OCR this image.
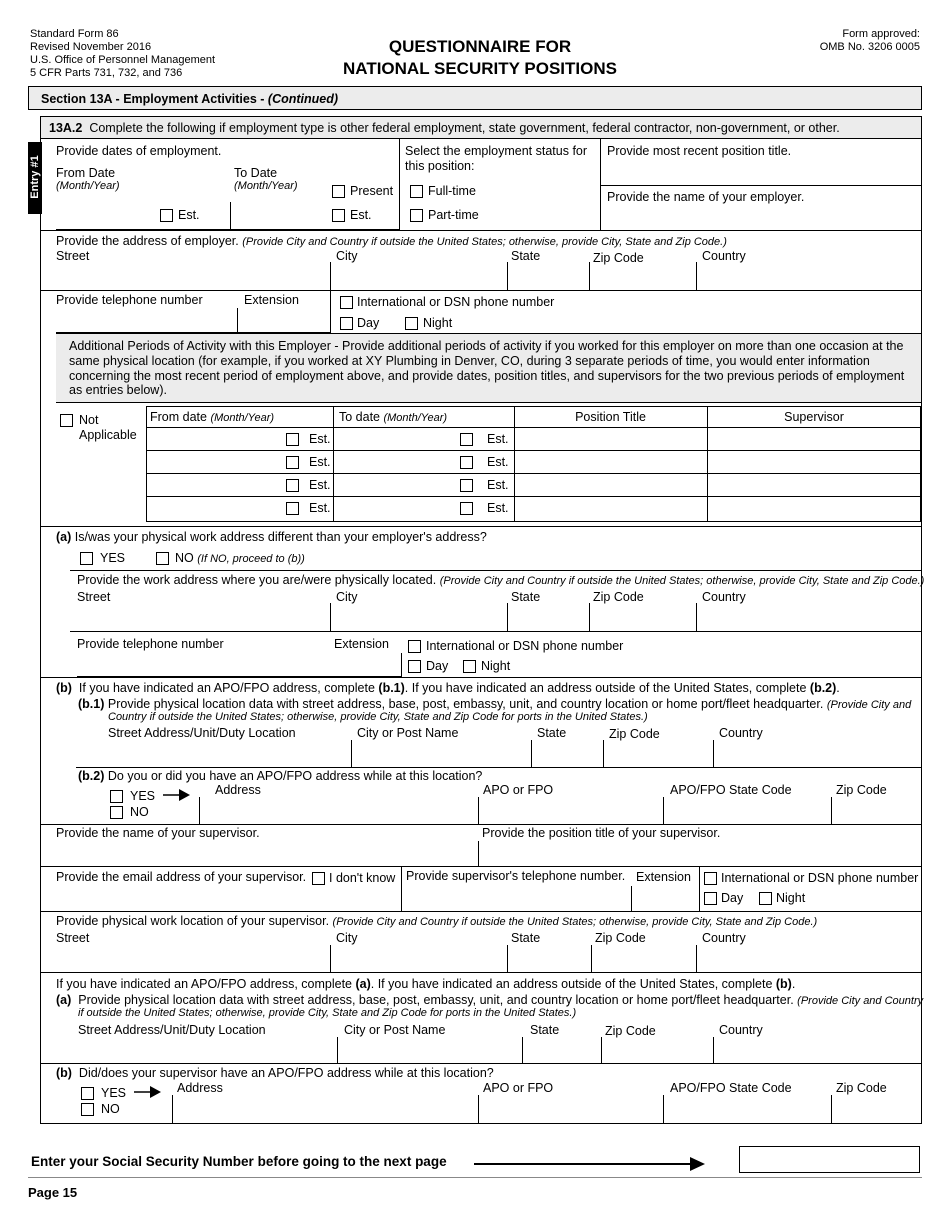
Standard Form 86
Revised November 2016
U.S. Office of Personnel Management
5 CFR Parts 731, 732, and 736
QUESTIONNAIRE FOR
NATIONAL SECURITY POSITIONS
Form approved:
OMB No. 3206 0005
Section 13A - Employment Activities - (Continued)
13A.2 Complete the following if employment type is other federal employment, state government, federal contractor, non-government, or other.
Entry #1
Provide dates of employment.
From Date
(Month/Year)
To Date
(Month/Year)
Est.
Present
Est.
Select the employment status for this position:
Full-time
Part-time
Provide most recent position title.
Provide the name of your employer.
Provide the address of employer. (Provide City and Country if outside the United States; otherwise, provide City, State and Zip Code.)
Street	City	State	Zip Code	Country
Provide telephone number	Extension	International or DSN phone number
Day	Night
Additional Periods of Activity with this Employer - Provide additional periods of activity if you worked for this employer on more than one occasion at the same physical location (for example, if you worked at XY Plumbing in Denver, CO, during 3 separate periods of time, you would enter information concerning the most recent period of employment above, and provide dates, position titles, and supervisors for the two previous periods of employment as entries below).
Not
Applicable
From date (Month/Year)	To date (Month/Year)	Position Title	Supervisor
Est.	Est.
Est.	Est.
Est.	Est.
Est.	Est.
(a) Is/was your physical work address different than your employer's address?
YES	NO (If NO, proceed to (b))
Provide the work address where you are/were physically located. (Provide City and Country if outside the United States; otherwise, provide City, State and Zip Code.)
Street	City	State	Zip Code	Country
Provide telephone number	Extension	International or DSN phone number
Day	Night
(b) If you have indicated an APO/FPO address, complete (b.1). If you have indicated an address outside of the United States, complete (b.2).
(b.1) Provide physical location data with street address, base, post, embassy, unit, and country location or home port/fleet headquarter. (Provide City and
Country if outside the United States; otherwise, provide City, State and Zip Code for ports in the United States.)
Street Address/Unit/Duty Location	City or Post Name	State	Zip Code	Country
(b.2) Do you or did you have an APO/FPO address while at this location?
YES
NO
Address	APO or FPO	APO/FPO State Code	Zip Code
Provide the name of your supervisor.	Provide the position title of your supervisor.
Provide the email address of your supervisor. I don't know Provide supervisor's telephone number. Extension International or DSN phone number
Day	Night
Provide physical work location of your supervisor. (Provide City and Country if outside the United States; otherwise, provide City, State and Zip Code.)
Street	City	State	Zip Code	Country
If you have indicated an APO/FPO address, complete (a). If you have indicated an address outside of the United States, complete (b).
(a) Provide physical location data with street address, base, post, embassy, unit, and country location or home port/fleet headquarter. (Provide City and Country
if outside the United States; otherwise, provide City, State and Zip Code for ports in the United States.)
Street Address/Unit/Duty Location	City or Post Name	State	Zip Code	Country
(b) Did/does your supervisor have an APO/FPO address while at this location?
YES
NO
Address	APO or FPO	APO/FPO State Code	Zip Code
Enter your Social Security Number before going to the next page
Page 15
